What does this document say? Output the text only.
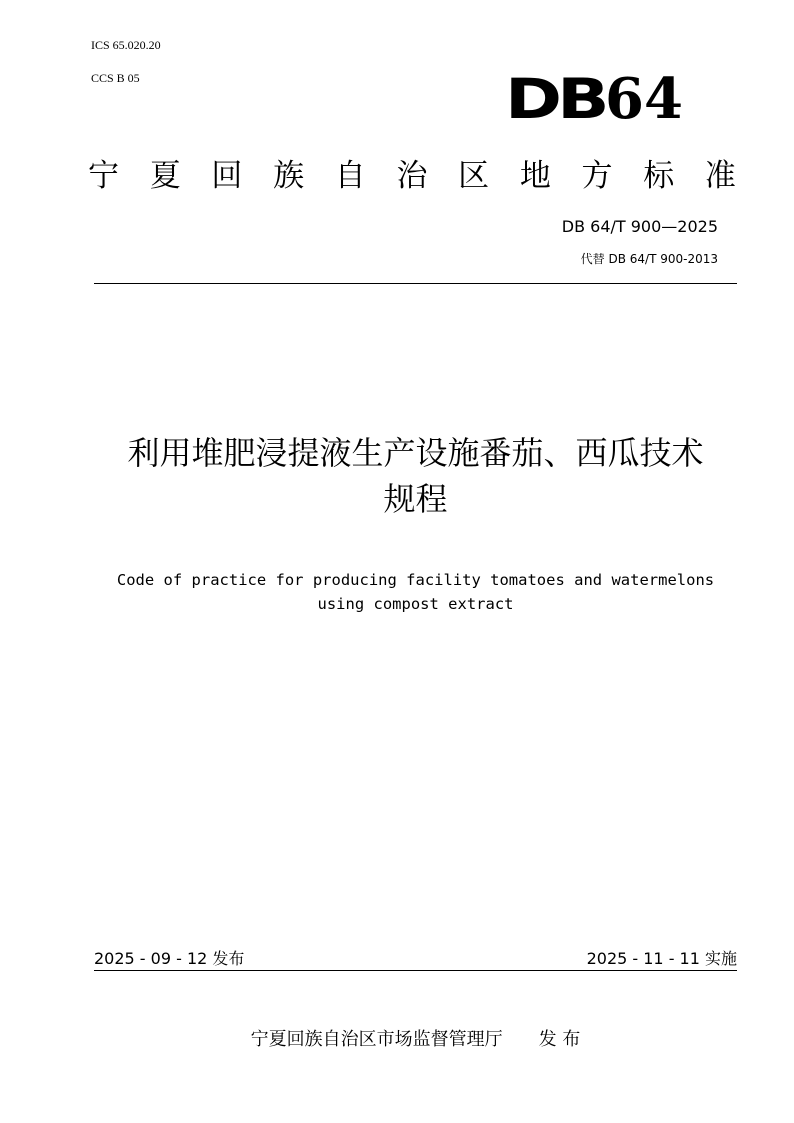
ICS 65.020.20
CCS B 05	DB 64
宁 夏 回 族 自 治 区 地 方 标 准
DB 64/T 900—2025
代替 DB 64/T 900-2013
利用堆肥浸提液生产设施番茄、西瓜技术
规程
Code of practice for producing facility tomatoes and watermelons
using compost extract
2025 - 09 - 12 发布	2025 - 11 - 11 实施
宁夏回族自治区市场监督管理厅 发 布
